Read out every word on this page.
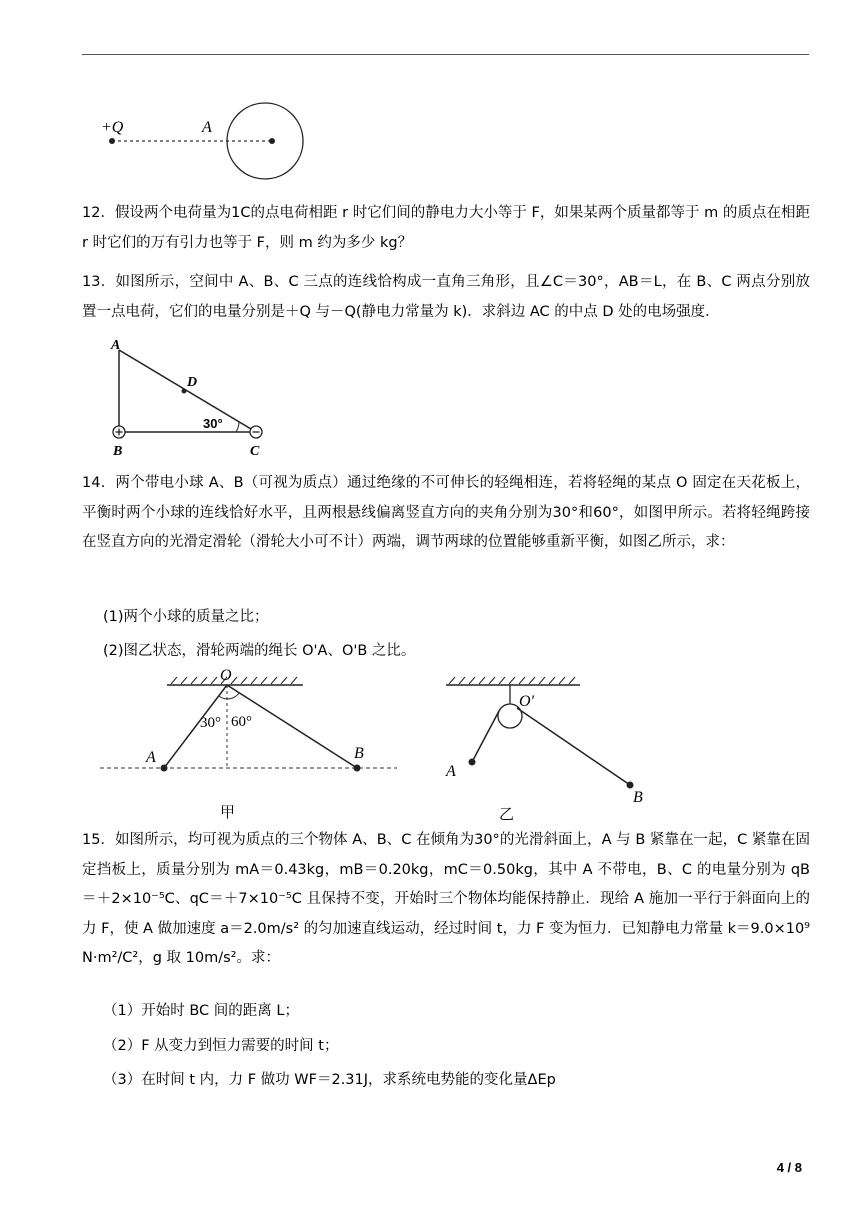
+Q	A

12．假设两个电荷量为1C的点电荷相距 r 时它们间的静电力大小等于 F，如果某两个质量都等于 m 的质点在相距 r 时它们的万有引力也等于 F，则 m 约为多少 kg？

13．如图所示，空间中 A、B、C 三点的连线恰构成一直角三角形，且∠C＝30°，AB＝L，在 B、C 两点分别放置一点电荷，它们的电量分别是＋Q 与－Q(静电力常量为 k)．求斜边 AC 的中点 D 处的电场强度．

A
B	C
D
30°

14．两个带电小球 A、B（可视为质点）通过绝缘的不可伸长的轻绳相连，若将轻绳的某点 O 固定在天花板上，平衡时两个小球的连线恰好水平，且两根悬线偏离竖直方向的夹角分别为30°和60°，如图甲所示。若将轻绳跨接在竖直方向的光滑定滑轮（滑轮大小可不计）两端，调节两球的位置能够重新平衡，如图乙所示，求：

(1)两个小球的质量之比；

(2)图乙状态，滑轮两端的绳长 O'A、O'B 之比。

O
A	B
30° 60°
甲
O'
A
B
乙

15．如图所示，均可视为质点的三个物体 A、B、C 在倾角为30°的光滑斜面上，A 与 B 紧靠在一起，C 紧靠在固定挡板上，质量分别为 mA＝0.43kg，mB＝0.20kg，mC＝0.50kg，其中 A 不带电，B、C 的电量分别为 qB＝＋2×10⁻⁵C、qC＝＋7×10⁻⁵C 且保持不变，开始时三个物体均能保持静止．现给 A 施加一平行于斜面向上的力 F，使 A 做加速度 a＝2.0m/s² 的匀加速直线运动，经过时间 t，力 F 变为恒力．已知静电力常量 k＝9.0×10⁹ N·m²/C²，g 取 10m/s²。求：

（1）开始时 BC 间的距离 L；

（2）F 从变力到恒力需要的时间 t；

（3）在时间 t 内，力 F 做功 WF＝2.31J，求系统电势能的变化量ΔEp

4 / 8
